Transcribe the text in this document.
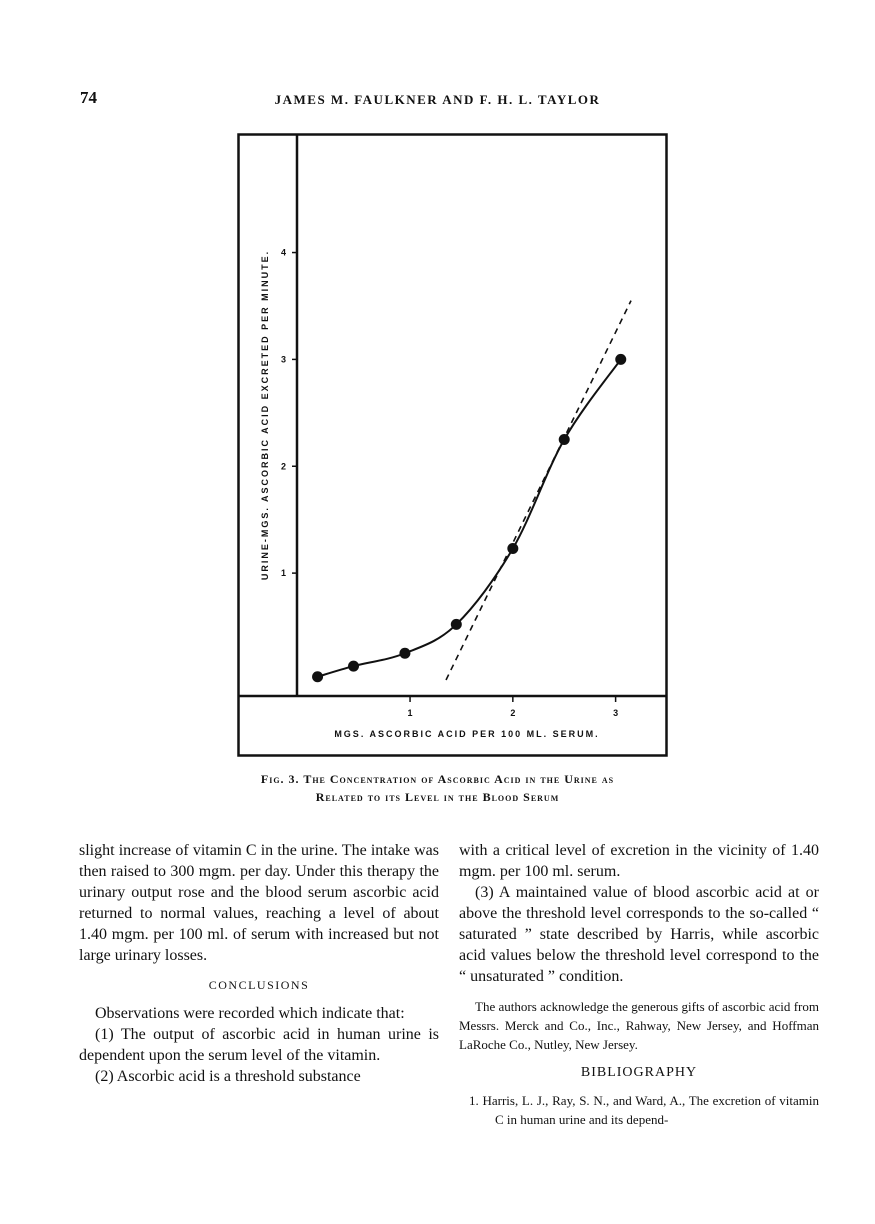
74	JAMES M. FAULKNER AND F. H. L. TAYLOR
URINE-MGS. ASCORBIC ACID EXCRETED PER MINUTE.
MGS. ASCORBIC ACID PER 100 ML. SERUM.
1
2
3
4
1	2	3
Fig. 3. The Concentration of Ascorbic Acid in the Urine as
Related to its Level in the Blood Serum

slight increase of vitamin C in the urine. The intake was then raised to 300 mgm. per day. Under this therapy the urinary output rose and the blood serum ascorbic acid returned to normal values, reaching a level of about 1.40 mgm. per 100 ml. of serum with increased but not large urinary losses.

CONCLUSIONS

Observations were recorded which indicate that:

(1) The output of ascorbic acid in human urine is dependent upon the serum level of the vitamin.

(2) Ascorbic acid is a threshold substance

with a critical level of excretion in the vicinity of 1.40 mgm. per 100 ml. serum.

(3) A maintained value of blood ascorbic acid at or above the threshold level corresponds to the so-called “ saturated ” state described by Harris, while ascorbic acid values below the threshold level correspond to the “ unsaturated ” condition.

The authors acknowledge the generous gifts of ascorbic acid from Messrs. Merck and Co., Inc., Rahway, New Jersey, and Hoffman LaRoche Co., Nutley, New Jersey.

BIBLIOGRAPHY

1. Harris, L. J., Ray, S. N., and Ward, A., The excretion of vitamin C in human urine and its depend-
